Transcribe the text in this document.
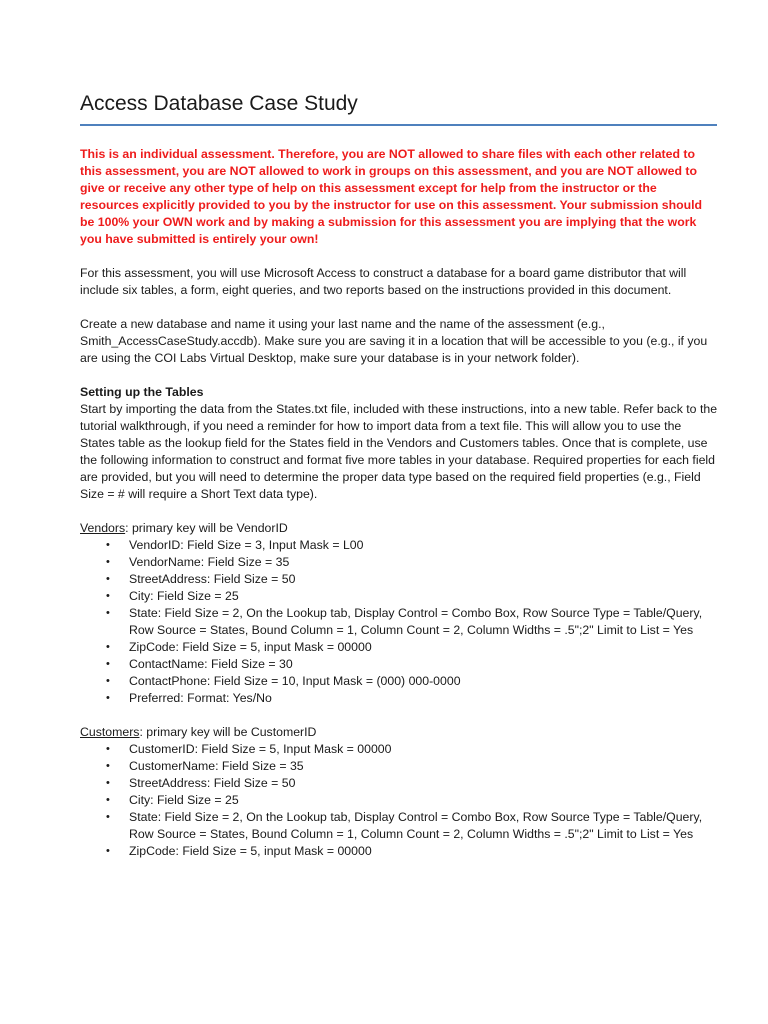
Access Database Case Study

This is an individual assessment. Therefore, you are NOT allowed to share files with each other related to this assessment, you are NOT allowed to work in groups on this assessment, and you are NOT allowed to give or receive any other type of help on this assessment except for help from the instructor or the resources explicitly provided to you by the instructor for use on this assessment. Your submission should be 100% your OWN work and by making a submission for this assessment you are implying that the work you have submitted is entirely your own!

For this assessment, you will use Microsoft Access to construct a database for a board game distributor that will include six tables, a form, eight queries, and two reports based on the instructions provided in this document.

Create a new database and name it using your last name and the name of the assessment (e.g., Smith_AccessCaseStudy.accdb). Make sure you are saving it in a location that will be accessible to you (e.g., if you are using the COI Labs Virtual Desktop, make sure your database is in your network folder).

Setting up the Tables

Start by importing the data from the States.txt file, included with these instructions, into a new table. Refer back to the tutorial walkthrough, if you need a reminder for how to import data from a text file. This will allow you to use the States table as the lookup field for the States field in the Vendors and Customers tables. Once that is complete, use the following information to construct and format five more tables in your database. Required properties for each field are provided, but you will need to determine the proper data type based on the required field properties (e.g., Field Size = # will require a Short Text data type).

Vendors: primary key will be VendorID

• VendorID: Field Size = 3, Input Mask = L00
• VendorName: Field Size = 35
• StreetAddress: Field Size = 50
• City: Field Size = 25
• State: Field Size = 2, On the Lookup tab, Display Control = Combo Box, Row Source Type = Table/Query, Row Source = States, Bound Column = 1, Column Count = 2, Column Widths = .5";2" Limit to List = Yes
• ZipCode: Field Size = 5, input Mask = 00000
• ContactName: Field Size = 30
• ContactPhone: Field Size = 10, Input Mask = (000) 000-0000
• Preferred: Format: Yes/No

Customers: primary key will be CustomerID

• CustomerID: Field Size = 5, Input Mask = 00000
• CustomerName: Field Size = 35
• StreetAddress: Field Size = 50
• City: Field Size = 25
• State: Field Size = 2, On the Lookup tab, Display Control = Combo Box, Row Source Type = Table/Query, Row Source = States, Bound Column = 1, Column Count = 2, Column Widths = .5";2" Limit to List = Yes
• ZipCode: Field Size = 5, input Mask = 00000
